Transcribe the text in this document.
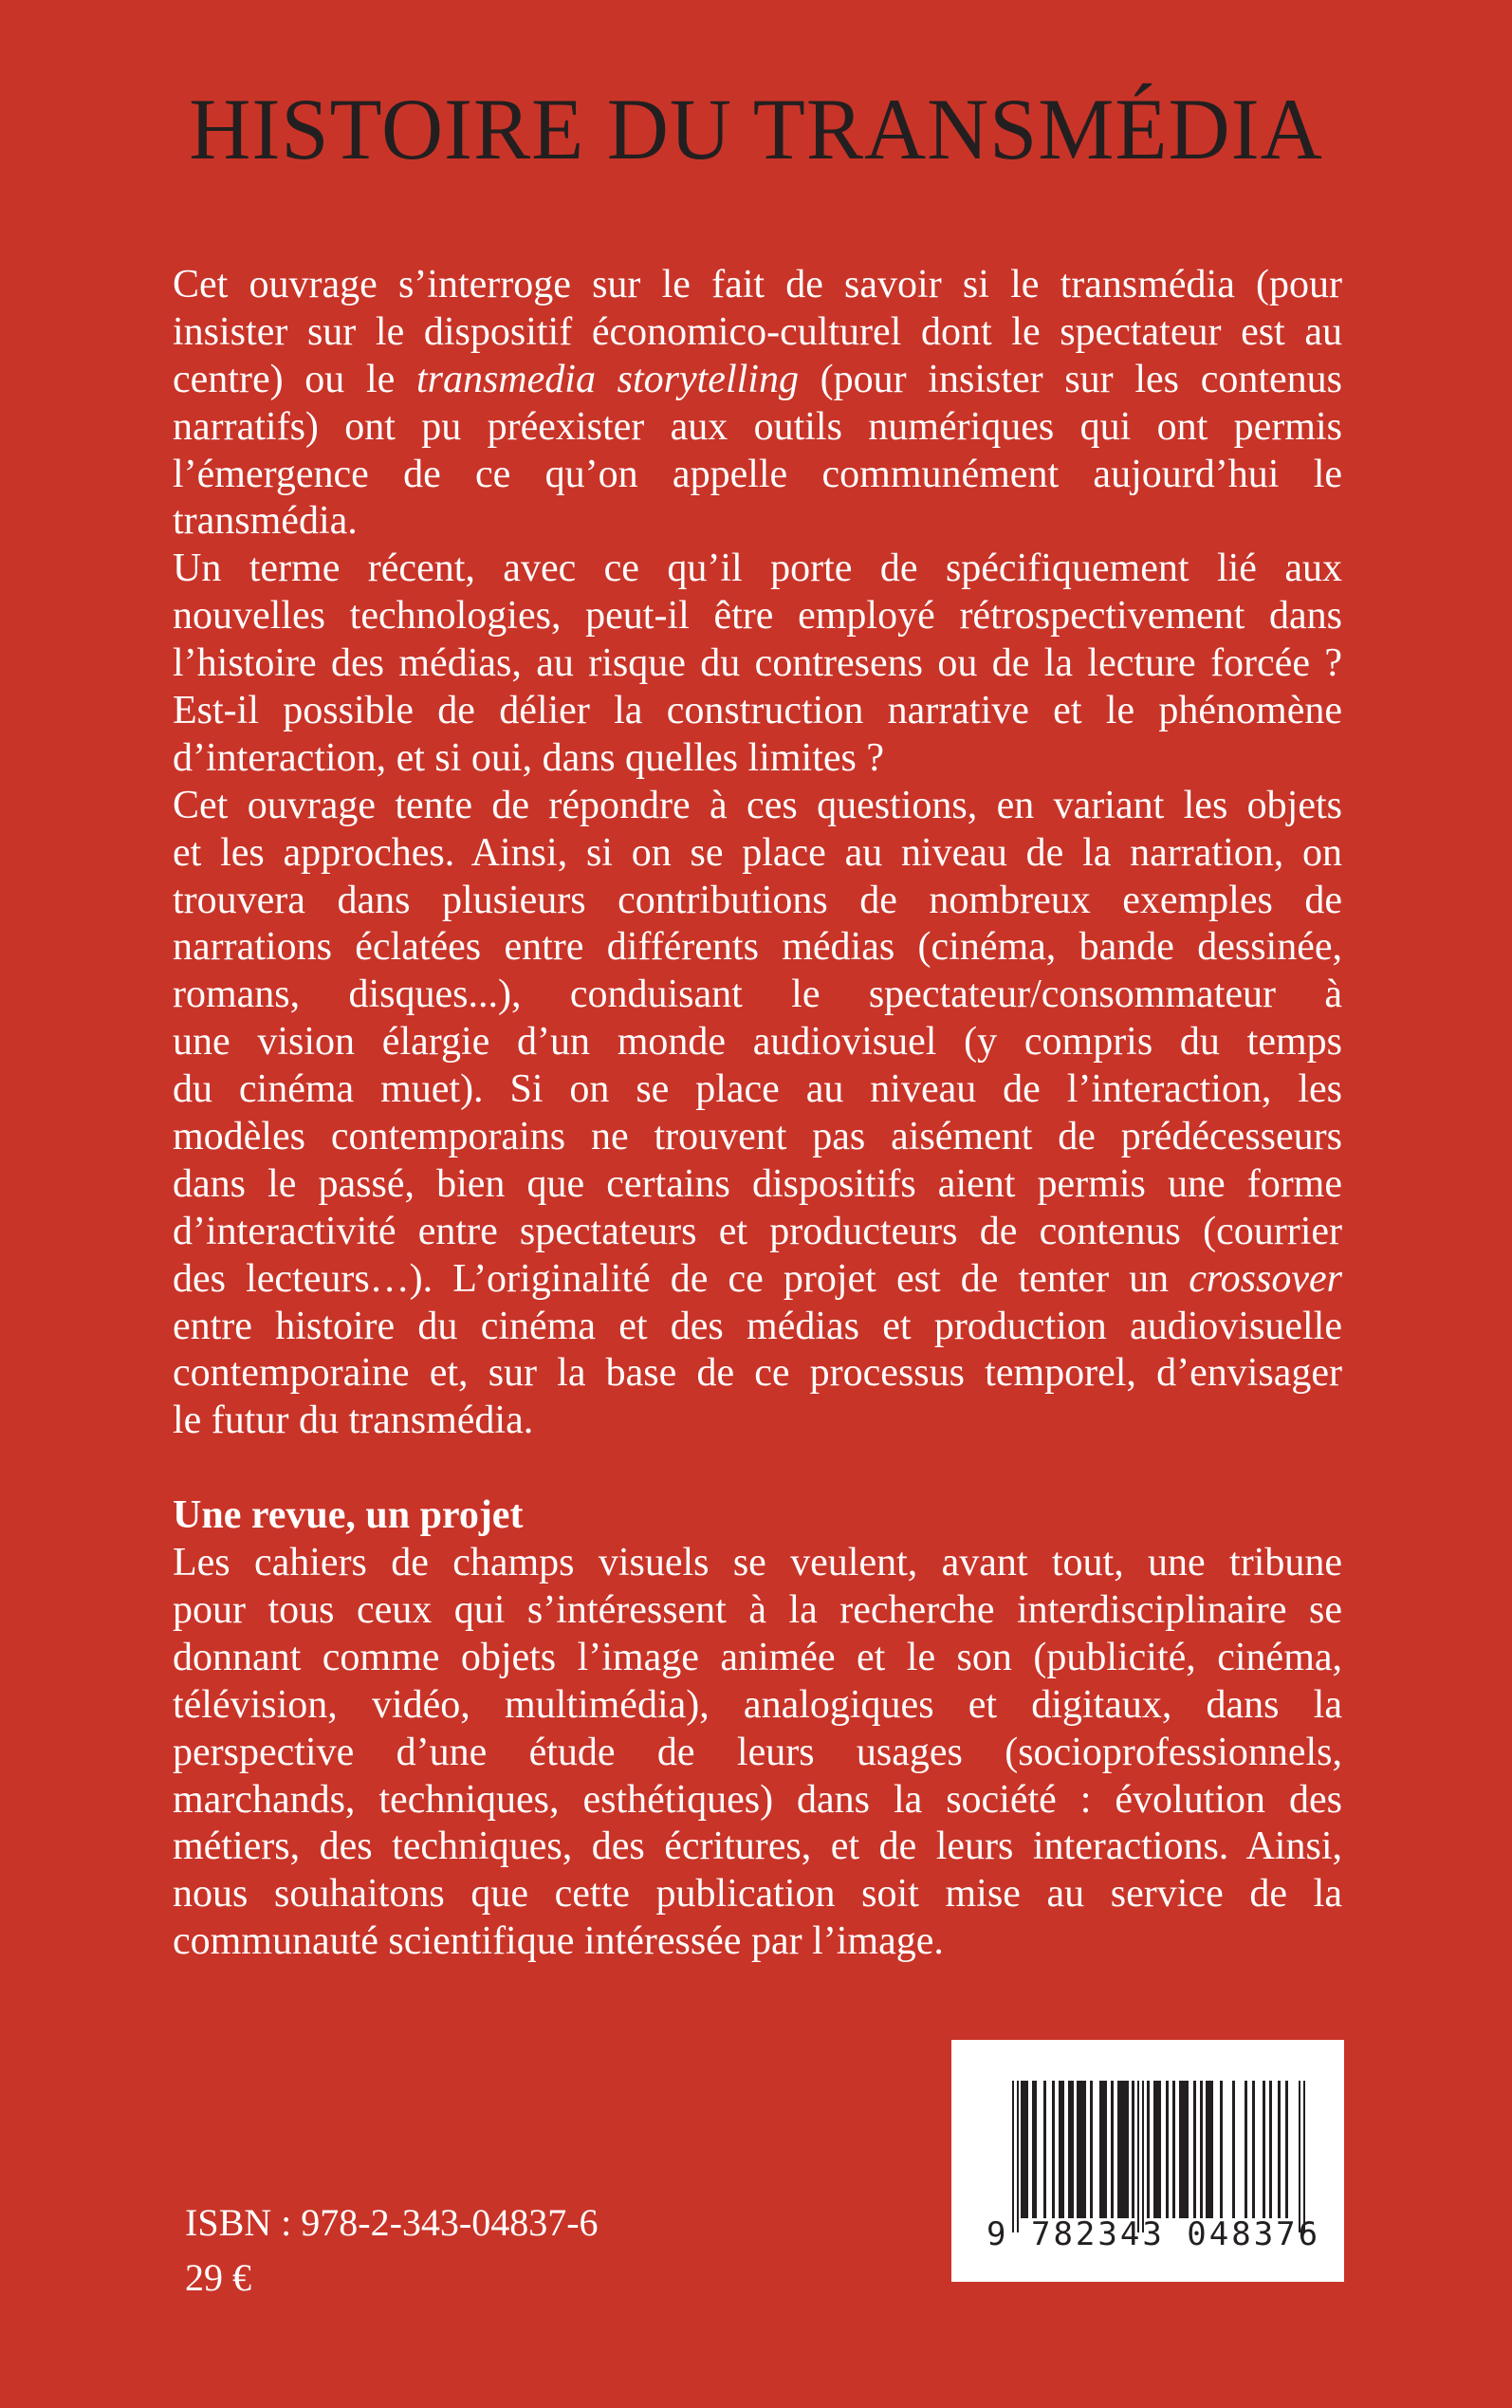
HISTOIRE DU TRANSMÉDIA
Cet ouvrage s’interroge sur le fait de savoir si le transmédia (pour
insister sur le dispositif économico-culturel dont le spectateur est au
centre) ou le transmedia storytelling (pour insister sur les contenus
narratifs) ont pu préexister aux outils numériques qui ont permis
l’émergence de ce qu’on appelle communément aujourd’hui le
transmédia.
Un terme récent, avec ce qu’il porte de spécifiquement lié aux
nouvelles technologies, peut-il être employé rétrospectivement dans
l’histoire des médias, au risque du contresens ou de la lecture forcée ?
Est-il possible de délier la construction narrative et le phénomène
d’interaction, et si oui, dans quelles limites ?
Cet ouvrage tente de répondre à ces questions, en variant les objets
et les approches. Ainsi, si on se place au niveau de la narration, on
trouvera dans plusieurs contributions de nombreux exemples de
narrations éclatées entre différents médias (cinéma, bande dessinée,
romans, disques...), conduisant le spectateur/consommateur à
une vision élargie d’un monde audiovisuel (y compris du temps
du cinéma muet). Si on se place au niveau de l’interaction, les
modèles contemporains ne trouvent pas aisément de prédécesseurs
dans le passé, bien que certains dispositifs aient permis une forme
d’interactivité entre spectateurs et producteurs de contenus (courrier
des lecteurs…). L’originalité de ce projet est de tenter un crossover
entre histoire du cinéma et des médias et production audiovisuelle
contemporaine et, sur la base de ce processus temporel, d’envisager
le futur du transmédia.
Une revue, un projet
Les cahiers de champs visuels se veulent, avant tout, une tribune
pour tous ceux qui s’intéressent à la recherche interdisciplinaire se
donnant comme objets l’image animée et le son (publicité, cinéma,
télévision, vidéo, multimédia), analogiques et digitaux, dans la
perspective d’une étude de leurs usages (socioprofessionnels,
marchands, techniques, esthétiques) dans la société : évolution des
métiers, des techniques, des écritures, et de leurs interactions. Ainsi,
nous souhaitons que cette publication soit mise au service de la
communauté scientifique intéressée par l’image.
ISBN : 978-2-343-04837-6
29 €
9 782343 048376
